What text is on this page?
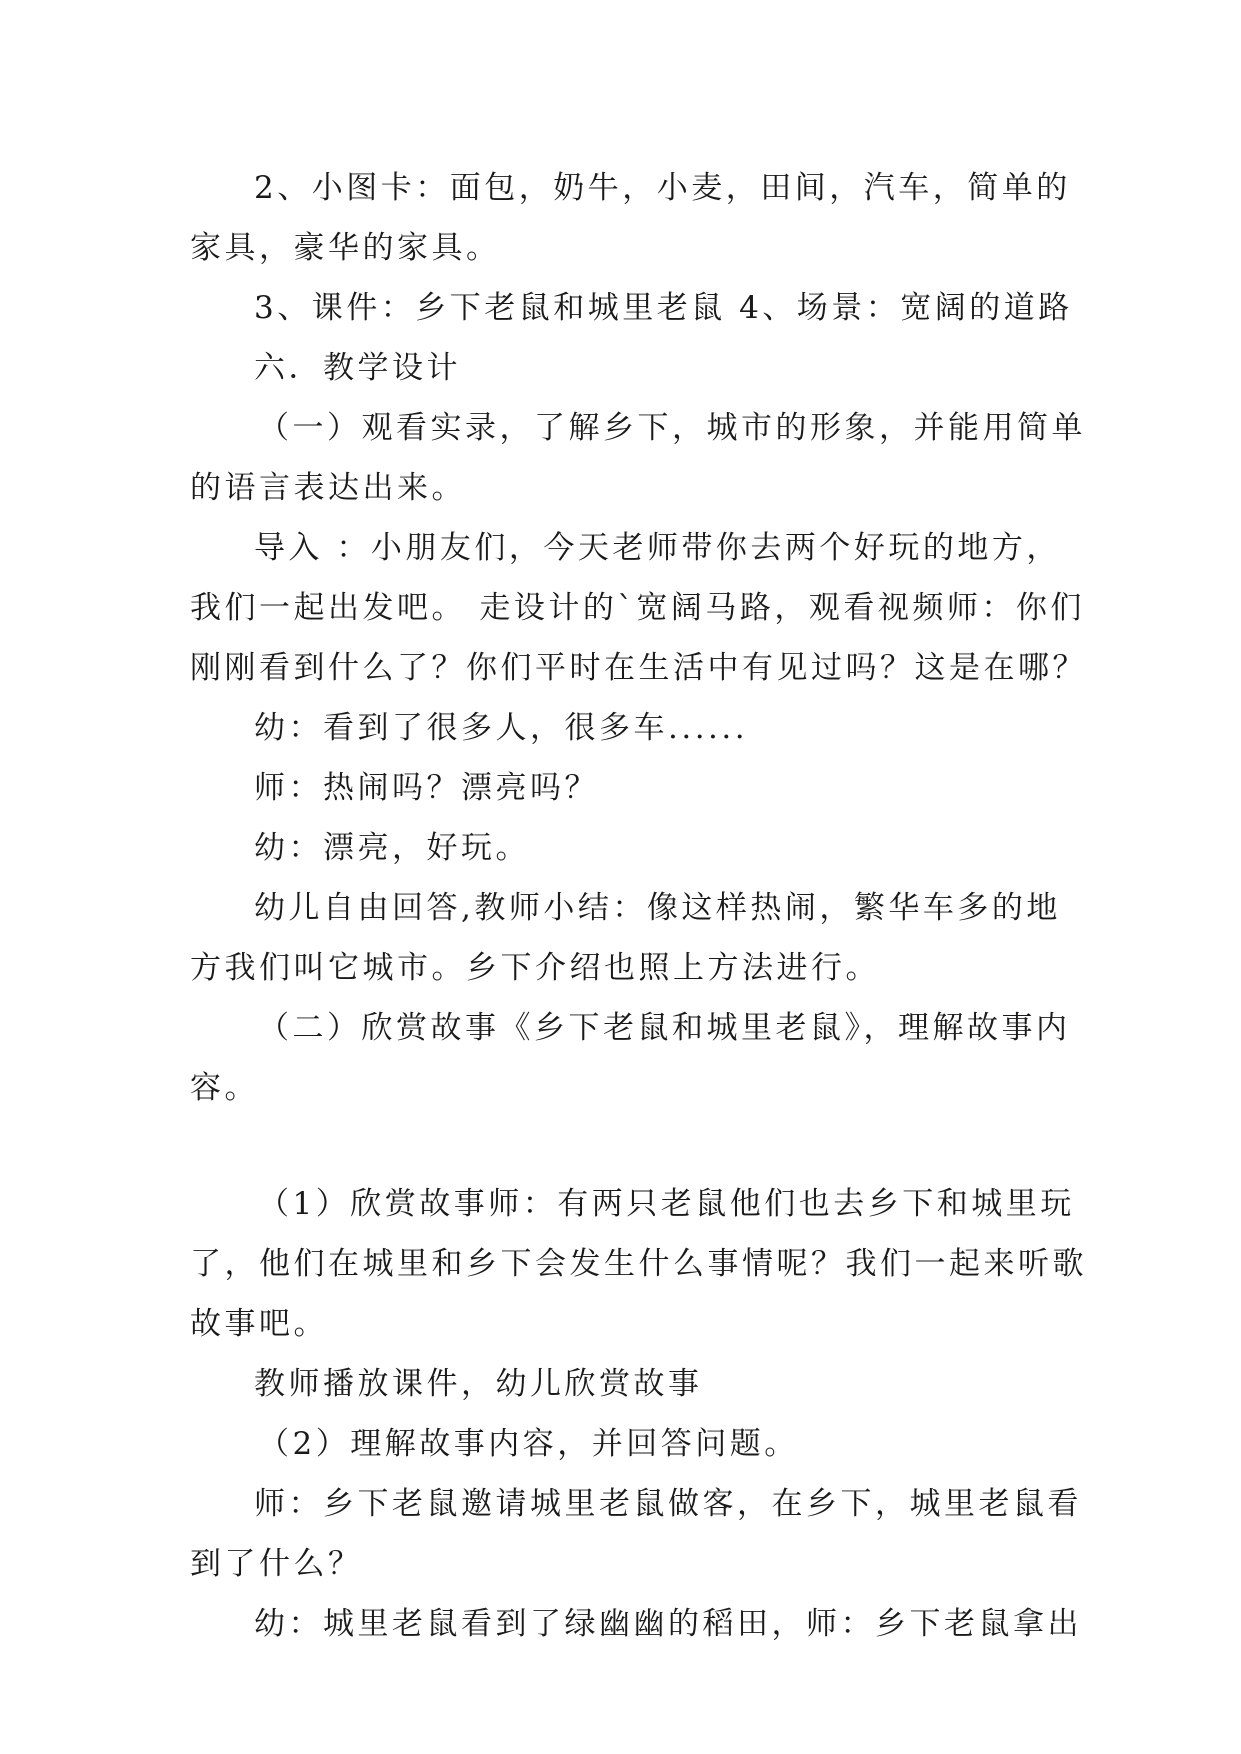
2、小图卡：面包，奶牛，小麦，田间，汽车，简单的
家具，豪华的家具。
3、课件：乡下老鼠和城里老鼠 4、场景：宽阔的道路
六．教学设计
（一）观看实录，了解乡下，城市的形象，并能用简单
的语言表达出来。
导入 ：小朋友们，今天老师带你去两个好玩的地方，
我们一起出发吧。 走设计的`宽阔马路，观看视频师：你们
刚刚看到什么了？你们平时在生活中有见过吗？这是在哪？
幼：看到了很多人，很多车......
师：热闹吗？漂亮吗？
幼：漂亮，好玩。
幼儿自由回答,教师小结：像这样热闹，繁华车多的地
方我们叫它城市。乡下介绍也照上方法进行。
（二）欣赏故事《乡下老鼠和城里老鼠》，理解故事内
容。
（1）欣赏故事师：有两只老鼠他们也去乡下和城里玩
了，他们在城里和乡下会发生什么事情呢？我们一起来听歌
故事吧。
教师播放课件，幼儿欣赏故事
（2）理解故事内容，并回答问题。
师：乡下老鼠邀请城里老鼠做客，在乡下，城里老鼠看
到了什么？
幼：城里老鼠看到了绿幽幽的稻田，师：乡下老鼠拿出
